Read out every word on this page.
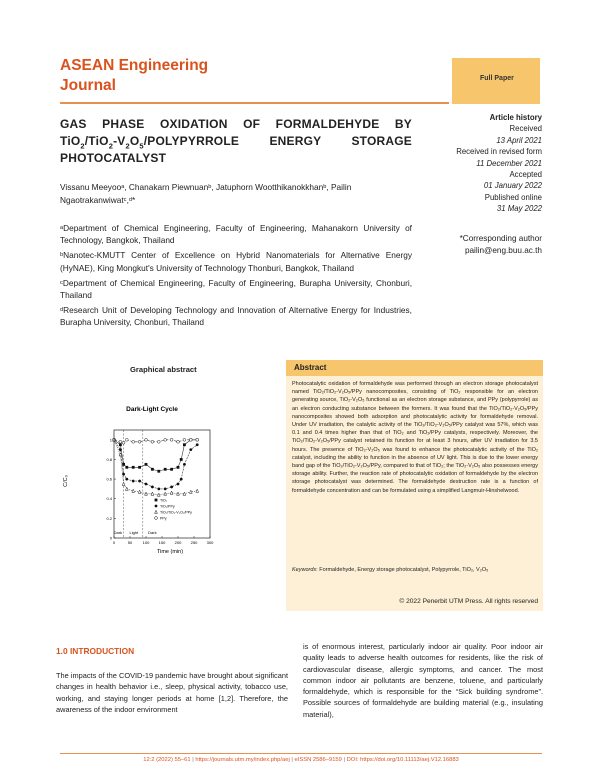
ASEAN Engineering
Journal	Full Paper
GAS PHASE OXIDATION OF FORMALDEHYDE BY $TiO_2/TiO_2-V_2O_5$/POLYPYRROLE ENERGY STORAGE PHOTOCATALYST
Vissanu Meeyooᵃ, Chanakarn Piewnuanᵇ, Jatuphorn Wootthikanokkhanᵇ, Pailin Ngaotrakanwiwatᶜ,ᵈ*

ᵃDepartment of Chemical Engineering, Faculty of Engineering, Mahanakorn University of Technology, Bangkok, Thailand

ᵇNanotec-KMUTT Center of Excellence on Hybrid Nanomaterials for Alternative Energy (HyNAE), King Mongkut's University of Technology Thonburi, Bangkok, Thailand

ᶜDepartment of Chemical Engineering, Faculty of Engineering, Burapha University, Chonburi, Thailand

ᵈResearch Unit of Developing Technology and Innovation of Alternative Energy for Industries, Burapha University, Chonburi, Thailand

Article history
Received
13 April 2021
Received in revised form
11 December 2021
Accepted
01 January 2022
Published online
31 May 2022
*Corresponding author
pailin@eng.buu.ac.th
Graphical abstract
Dark Light Dark
0	50	100 150 200 250 300
0
0.2
0.4
0.6
0.8
1
Dark-Light Cycle
Time (min)
C/C₀
TiO₂
TiO₂/PPy
TiO₂/TiO₂-V₂O₅/PPy
PPy
Abstract
Photocatalytic oxidation of formaldehyde was performed through an electron storage photocatalyst named TiO₂/TiO₂-V₂O₅/PPy nanocomposites, consisting of TiO₂ responsible for an electron generating source, TiO₂-V₂O₅ functional as an electron storage substance, and PPy (polypyrrole) as an electron conducting substance between the formers. It was found that the TiO₂/TiO₂-V₂O₅/PPy nanocomposites showed both adsorption and photocatalytic activity for formaldehyde removal. Under UV irradiation, the catalytic activity of the TiO₂/TiO₂-V₂O₅/PPy catalyst was 57%, which was 0.1 and 0.4 times higher than that of TiO₂ and TiO₂/PPy catalysts, respectively. Moreover, the TiO₂/TiO₂-V₂O₅/PPy catalyst retained its function for at least 3 hours, after UV irradiation for 3.5 hours. The presence of TiO₂-V₂O₅ was found to enhance the photocatalytic activity of the TiO₂ catalyst, including the ability to function in the absence of UV light. This is due to the lower energy band gap of the TiO₂/TiO₂-V₂O₅/PPy, compared to that of TiO₂; the TiO₂-V₂O₅ also possesses energy storage ability. Further, the reaction rate of photocatalytic oxidation of formaldehyde by the electron storage photocatalyst was determined. The formaldehyde destruction rate is a function of formaldehyde concentration and can be formulated using a simplified Langmuir-Hinshelwood.
Keywords: Formaldehyde, Energy storage photocatalyst, Polypyrrole, TiO₂, V₂O₅
© 2022 Penerbit UTM Press. All rights reserved
1.0 INTRODUCTION
The impacts of the COVID-19 pandemic have brought about significant changes in health behavior i.e., sleep, physical activity, tobacco use, working, and staying longer periods at home [1,2]. Therefore, the awareness of the indoor environment
is of enormous interest, particularly indoor air quality. Poor indoor air quality leads to adverse health outcomes for residents, like the risk of cardiovascular disease, allergic symptoms, and cancer. The most common indoor air pollutants are benzene, toluene, and particularly formaldehyde, which is responsible for the “Sick building syndrome”. Possible sources of formaldehyde are building material (e.g., insulating material),
12:2 (2022) 55–61 | https://journals.utm.my/index.php/aej | eISSN 2586–9159 | DOI: https://doi.org/10.11113/aej.V12.16883
